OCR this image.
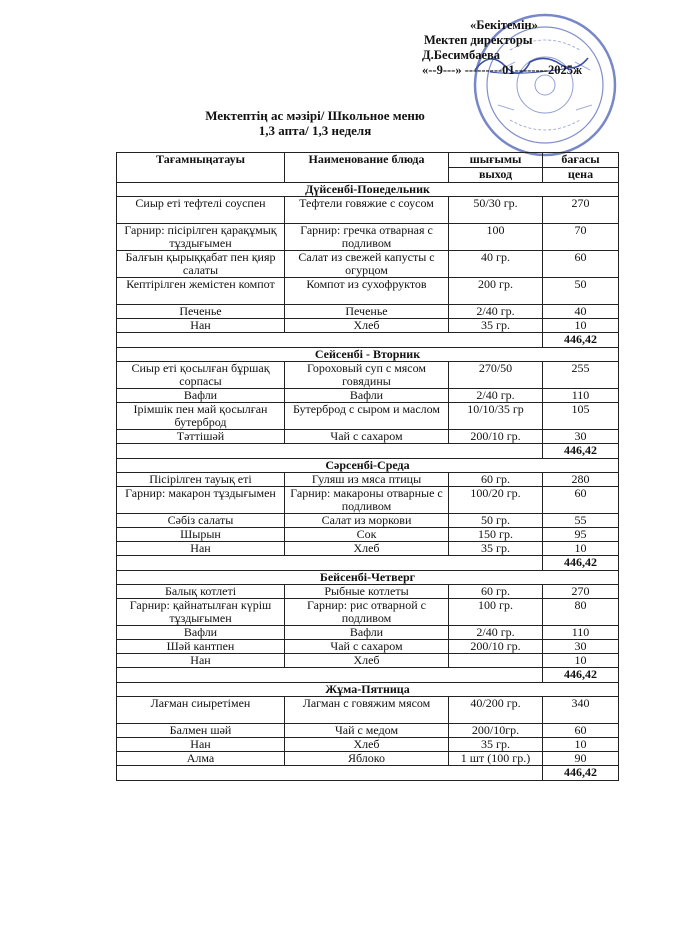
«Бекітемін»
Мектеп директоры
Д.Бесимбаева
«--9---» ---------01--------2025ж
Мектептің ас мәзірі/ Школьное меню
1,3 апта/ 1,3 неделя
Тағамныңатауы	Наименование блюда	шығымы	бағасы
		выход	цена
Дүйсенбі-Понедельник			
Сиыр еті тефтелі соуспен	Тефтели говяжие с соусом	50/30 гр.	270
Гарнир: пісірілген қарақұмық тұздығымен	Гарнир: гречка отварная с подливом	100	70
Балғын қырыққабат пен қияр салаты	Салат из свежей капусты с огурцом	40 гр.	60
Кептірілген жемістен компот	Компот из сухофруктов	200 гр.	50
Печенье	Печенье	2/40 гр.	40
Нан	Хлеб	35 гр.	10
			446,42
Сейсенбі - Вторник			
Сиыр еті қосылған бұршақ сорпасы	Гороховый суп с мясом говядины	270/50	255
Вафли	Вафли	2/40 гр.	110
Ірімшік пен май қосылған бутерброд	Бутерброд с сыром и маслом	10/10/35 гр	105
Тәттішәй	Чай с сахаром	200/10 гр.	30
			446,42
Сәрсенбі-Среда			
Пісірілген тауық еті	Гуляш из мяса птицы	60 гр.	280
Гарнир: макарон тұздығымен	Гарнир: макароны отварные с подливом	100/20 гр.	60
Сәбіз салаты	Салат из моркови	50 гр.	55
Шырын	Сок	150 гр.	95
Нан	Хлеб	35 гр.	10
			446,42
Бейсенбі-Четверг			
Балық котлеті	Рыбные котлеты	60 гр.	270
Гарнир: қайнатылған күріш тұздығымен	Гарнир: рис отварной с подливом	100 гр.	80
Вафли	Вафли	2/40 гр.	110
Шәй кантпен	Чай с сахаром	200/10 гр.	30
Нан	Хлеб		10
			446,42
Жұма-Пятница			
Лағман сиыретімен	Лагман с говяжим мясом	40/200 гр.	340
Балмен шәй	Чай с медом	200/10гр.	60
Нан	Хлеб	35 гр.	10
Алма	Яблоко	1 шт (100 гр.)	90
			446,42
